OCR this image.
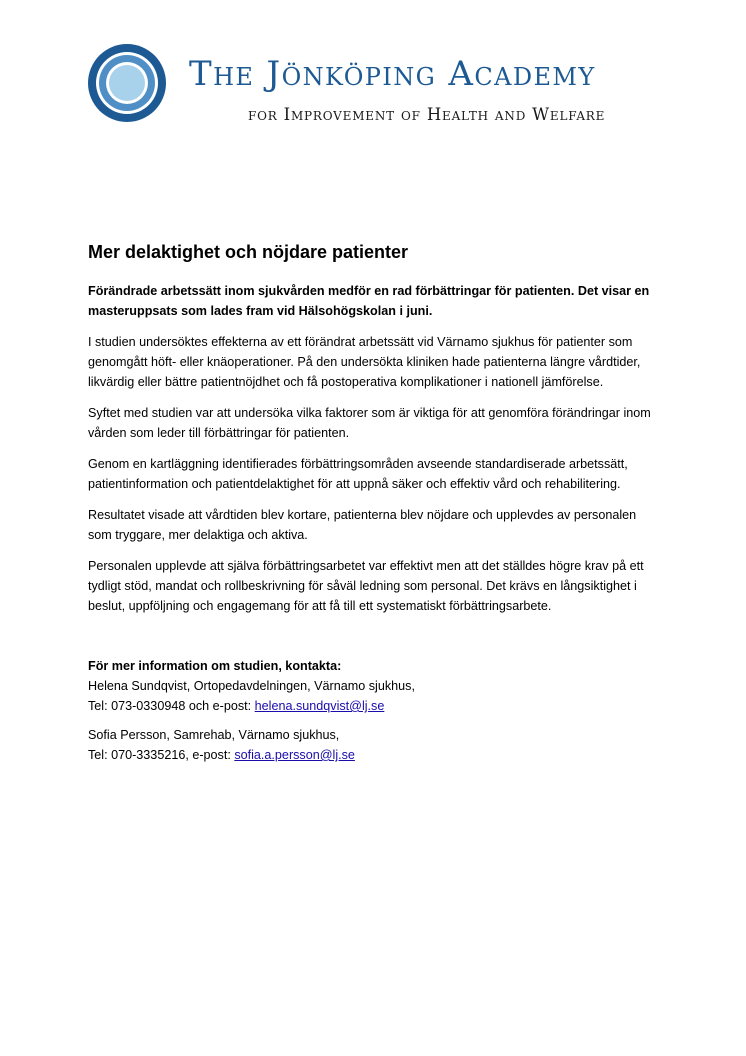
The Jönköping Academy
for Improvement of Health and Welfare
Mer delaktighet och nöjdare patienter

Förändrade arbetssätt inom sjukvården medför en rad förbättringar för patienten. Det visar en masteruppsats som lades fram vid Hälsohögskolan i juni.

I studien undersöktes effekterna av ett förändrat arbetssätt vid Värnamo sjukhus för patienter som genomgått höft- eller knäoperationer. På den undersökta kliniken hade patienterna längre vårdtider, likvärdig eller bättre patientnöjdhet och få postoperativa komplikationer i nationell jämförelse.

Syftet med studien var att undersöka vilka faktorer som är viktiga för att genomföra förändringar inom vården som leder till förbättringar för patienten.

Genom en kartläggning identifierades förbättringsområden avseende standardiserade arbetssätt, patientinformation och patientdelaktighet för att uppnå säker och effektiv vård och rehabilitering.

Resultatet visade att vårdtiden blev kortare, patienterna blev nöjdare och upplevdes av personalen som tryggare, mer delaktiga och aktiva.

Personalen upplevde att själva förbättringsarbetet var effektivt men att det ställdes högre krav på ett tydligt stöd, mandat och rollbeskrivning för såväl ledning som personal. Det krävs en långsiktighet i beslut, uppföljning och engagemang för att få till ett systematiskt förbättringsarbete.

För mer information om studien, kontakta:
Helena Sundqvist, Ortopedavdelningen, Värnamo sjukhus,
Tel: 073-0330948 och e-post: helena.sundqvist@lj.se
Sofia Persson, Samrehab, Värnamo sjukhus,
Tel: 070-3335216, e-post: sofia.a.persson@lj.se
